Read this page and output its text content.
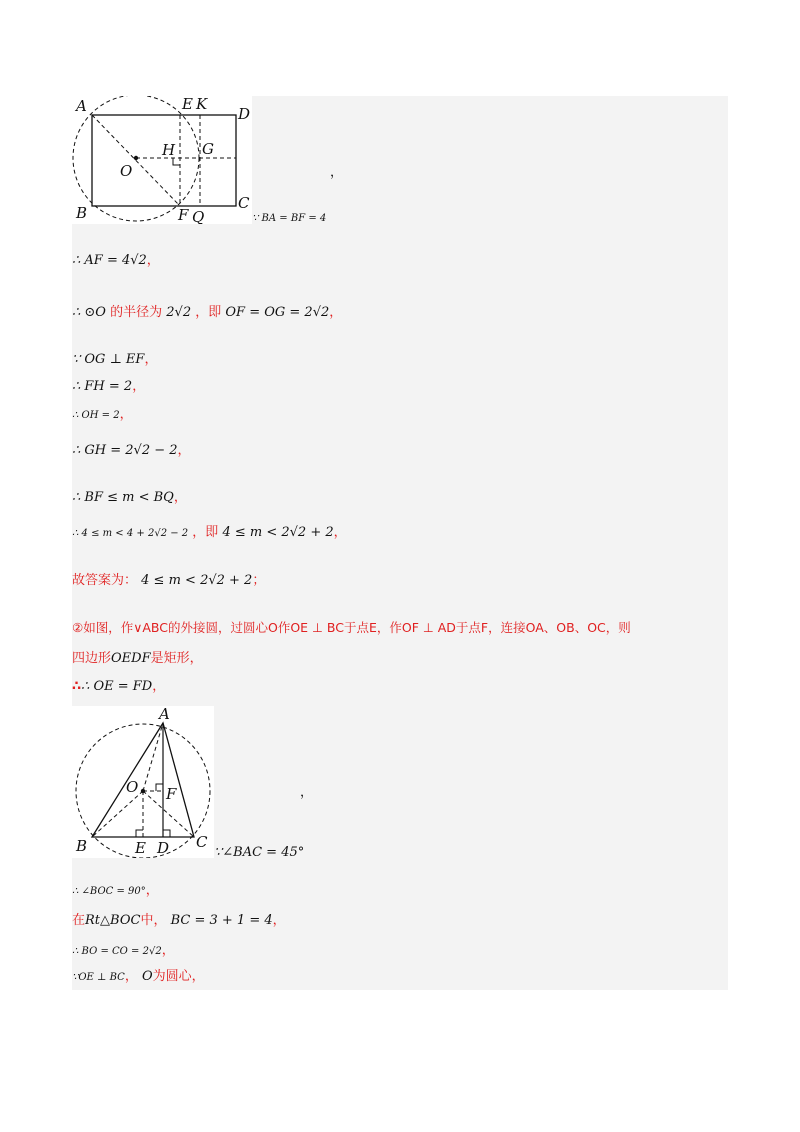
A	E K
D
O
H G
B	F Q
C
，
∵ BA = BF = 4
∴ AF = 4√2，
∴ ⊙O 的半径为 2√2 ，即 OF = OG = 2√2，
∵ OG ⊥ EF，
∴ FH = 2，
∴ OH = 2，
∴ GH = 2√2 − 2，
∴ BF ≤ m < BQ，
∴ 4 ≤ m < 4 + 2√2 − 2 ，即 4 ≤ m < 2√2 + 2，
故答案为： 4 ≤ m < 2√2 + 2；
②如图，作∨ABC的外接圆，过圆心O作OE ⊥ BC于点E，作OF ⊥ AD于点F，连接OA、OB、OC，则
四边形OEDF是矩形，
∴∴ OE = FD，
A
O F
B	E D C
，
∵∠BAC = 45°
∴ ∠BOC = 90°，
在Rt△BOC中， BC = 3 + 1 = 4，
∴ BO = CO = 2√2，
∵OE ⊥ BC， O为圆心，
